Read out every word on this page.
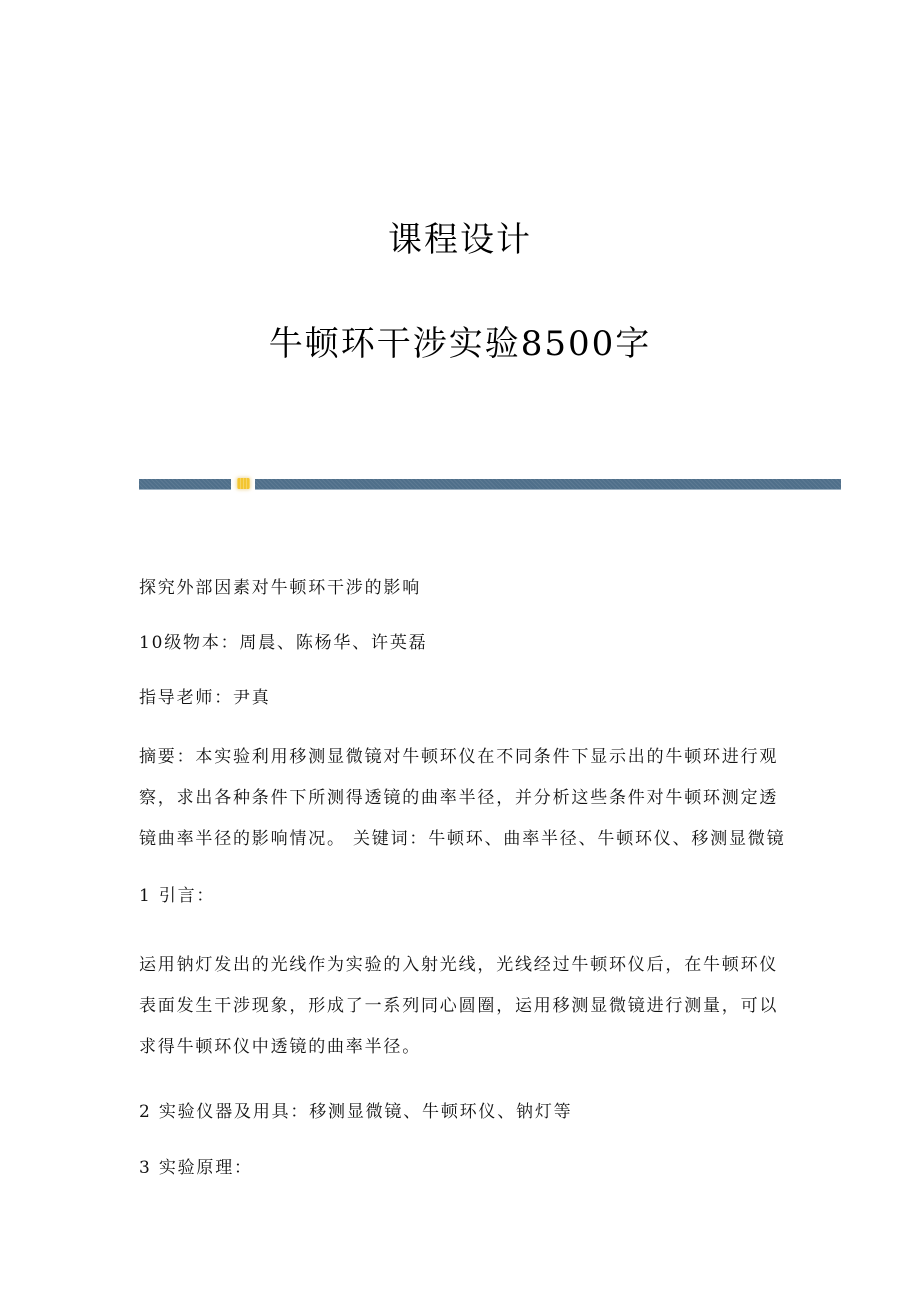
课程设计
牛顿环干涉实验8500字

探究外部因素对牛顿环干涉的影响

10级物本：周晨、陈杨华、许英磊

指导老师：尹真

摘要：本实验利用移测显微镜对牛顿环仪在不同条件下显示出的牛顿环进行观
察，求出各种条件下所测得透镜的曲率半径，并分析这些条件对牛顿环测定透
镜曲率半径的影响情况。 关键词：牛顿环、曲率半径、牛顿环仪、移测显微镜

1 引言：

运用钠灯发出的光线作为实验的入射光线，光线经过牛顿环仪后，在牛顿环仪
表面发生干涉现象，形成了一系列同心圆圈，运用移测显微镜进行测量，可以
求得牛顿环仪中透镜的曲率半径。

2 实验仪器及用具：移测显微镜、牛顿环仪、钠灯等

3 实验原理：
